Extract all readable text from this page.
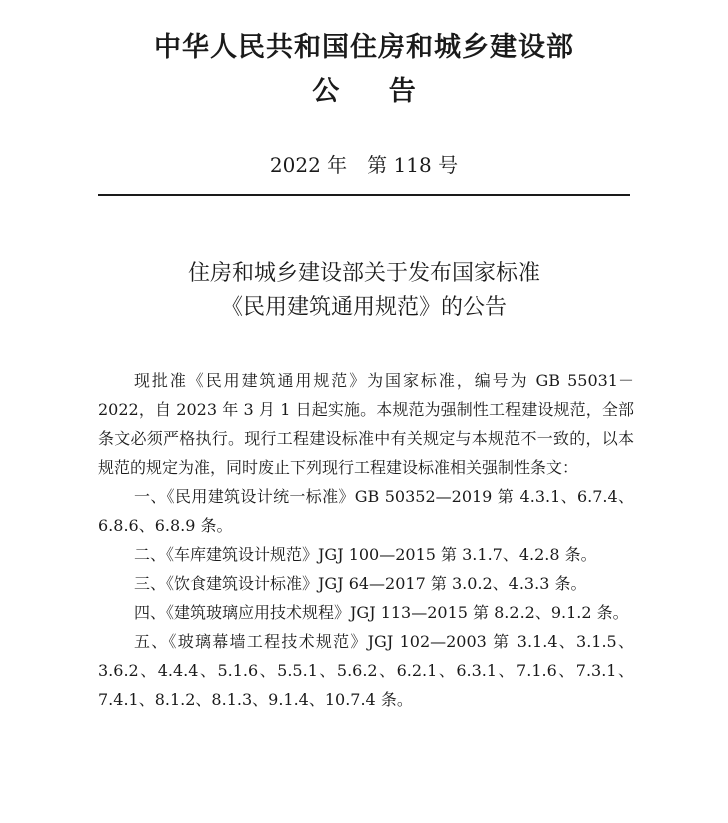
中华人民共和国住房和城乡建设部
公 告
2022 年　第 118 号
住房和城乡建设部关于发布国家标准
《民用建筑通用规范》的公告

现批准《民用建筑通用规范》为国家标准，编号为 GB 55031－2022，自 2023 年 3 月 1 日起实施。本规范为强制性工程建设规范，全部条文必须严格执行。现行工程建设标准中有关规定与本规范不一致的，以本规范的规定为准，同时废止下列现行工程建设标准相关强制性条文：

一、《民用建筑设计统一标准》GB 50352—2019 第 4.3.1、6.7.4、6.8.6、6.8.9 条。

二、《车库建筑设计规范》JGJ 100—2015 第 3.1.7、4.2.8 条。

三、《饮食建筑设计标准》JGJ 64—2017 第 3.0.2、4.3.3 条。

四、《建筑玻璃应用技术规程》JGJ 113—2015 第 8.2.2、9.1.2 条。

五、《玻璃幕墙工程技术规范》JGJ 102—2003 第 3.1.4、3.1.5、3.6.2、4.4.4、5.1.6、5.5.1、5.6.2、6.2.1、6.3.1、7.1.6、7.3.1、7.4.1、8.1.2、8.1.3、9.1.4、10.7.4 条。
